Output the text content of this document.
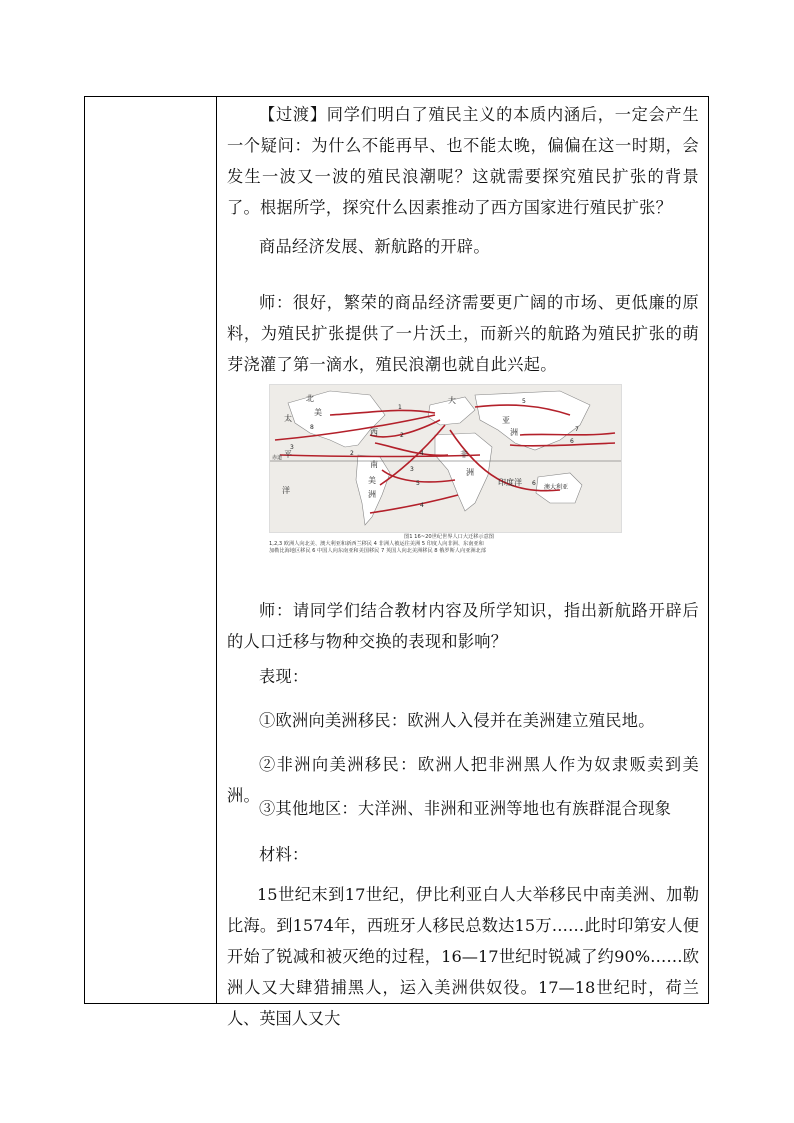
【过渡】同学们明白了殖民主义的本质内涵后，一定会产生一个疑问：为什么不能再早、也不能太晚，偏偏在这一时期，会发生一波又一波的殖民浪潮呢？这就需要探究殖民扩张的背景了。根据所学，探究什么因素推动了西方国家进行殖民扩张？

商品经济发展、新航路的开辟。

师：很好，繁荣的商品经济需要更广阔的市场、更低廉的原料，为殖民扩张提供了一片沃土，而新兴的航路为殖民扩张的萌芽浇灌了第一滴水，殖民浪潮也就自此兴起。

北
太
美
西
南
美
洲
洋
平
大
亚
洲
非
洲
印度洋
澳大利亚
赤道
1
2
3
4
5
6
7
8
5
6
4
2
3
图1 16~20世纪世界人口大迁移示意图
1,2,3 欧洲人向北美、澳大利亚和新西兰移民 4 非洲人被运往美洲 5 印度人向非洲、东南亚和
加勒比海地区移民 6 中国人向东南亚和美国移民 7 英国人向北美洲移民 8 俄罗斯人向亚洲北部

师：请同学们结合教材内容及所学知识，指出新航路开辟后的人口迁移与物种交换的表现和影响？

表现：

①欧洲向美洲移民：欧洲人入侵并在美洲建立殖民地。

②非洲向美洲移民：欧洲人把非洲黑人作为奴隶贩卖到美洲。

③其他地区：大洋洲、非洲和亚洲等地也有族群混合现象

材料：

15世纪末到17世纪，伊比利亚白人大举移民中南美洲、加勒比海。到1574年，西班牙人移民总数达15万……此时印第安人便开始了锐减和被灭绝的过程，16—17世纪时锐减了约90%……欧洲人又大肆猎捕黑人，运入美洲供奴役。17—18世纪时，荷兰人、英国人又大
